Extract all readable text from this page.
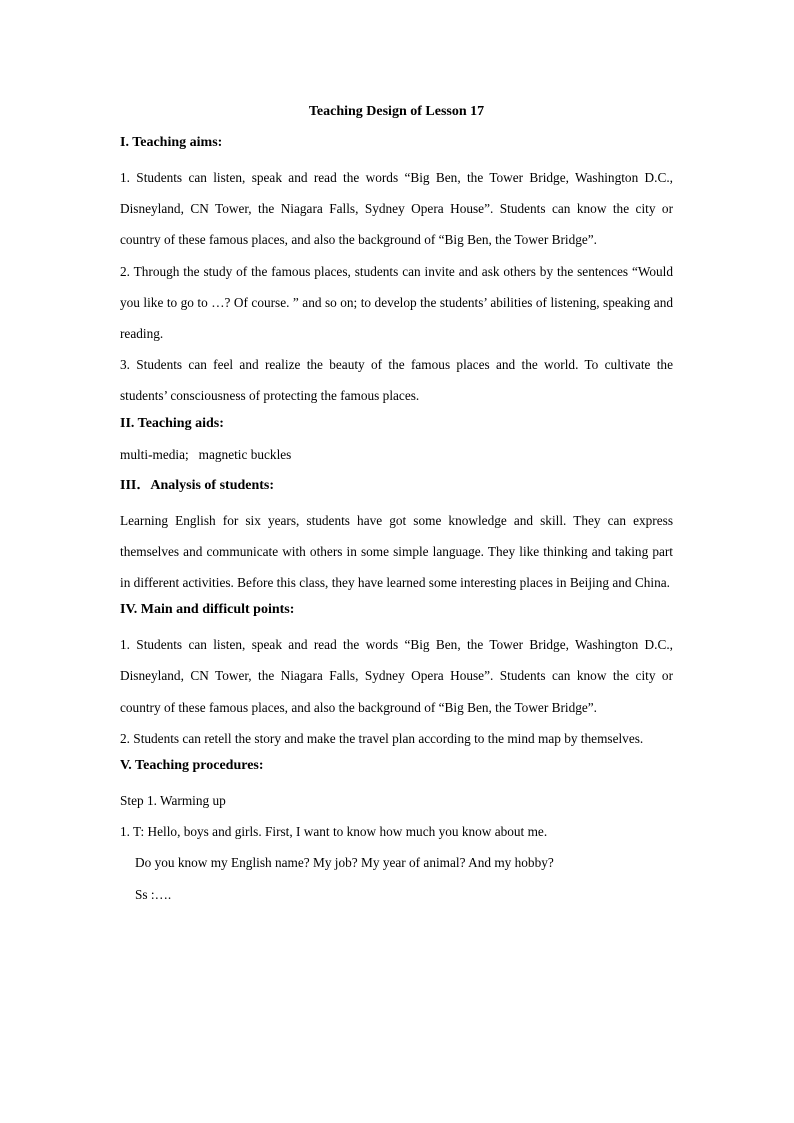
Teaching Design of Lesson 17
I. Teaching aims:

1. Students can listen, speak and read the words “Big Ben, the Tower Bridge, Washington D.C., Disneyland, CN Tower, the Niagara Falls, Sydney Opera House”. Students can know the city or country of these famous places, and also the background of “Big Ben, the Tower Bridge”.

2. Through the study of the famous places, students can invite and ask others by the sentences “Would you like to go to …? Of course. ” and so on; to develop the students’ abilities of listening, speaking and reading.

3. Students can feel and realize the beauty of the famous places and the world. To cultivate the students’ consciousness of protecting the famous places.

II. Teaching aids:

multi-media;   magnetic buckles

III．Analysis of students:

Learning English for six years, students have got some knowledge and skill. They can express themselves and communicate with others in some simple language. They like thinking and taking part in different activities. Before this class, they have learned some interesting places in Beijing and China.

IV. Main and difficult points:

1. Students can listen, speak and read the words “Big Ben, the Tower Bridge, Washington D.C., Disneyland, CN Tower, the Niagara Falls, Sydney Opera House”. Students can know the city or country of these famous places, and also the background of “Big Ben, the Tower Bridge”.

2. Students can retell the story and make the travel plan according to the mind map by themselves.

V. Teaching procedures:

Step 1. Warming up

1. T: Hello, boys and girls. First, I want to know how much you know about me.

Do you know my English name? My job? My year of animal? And my hobby?

Ss :….
